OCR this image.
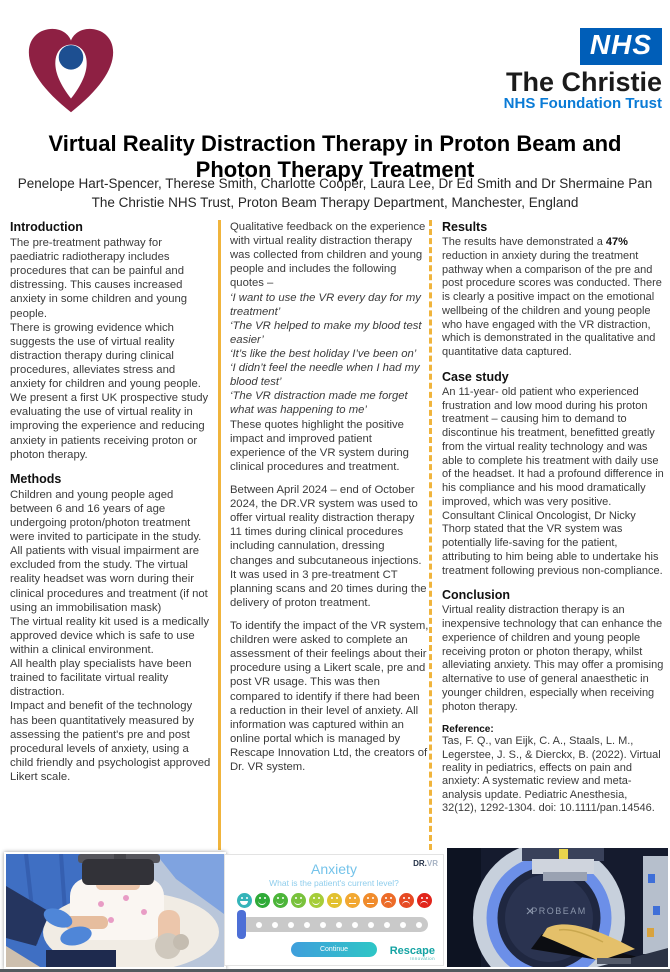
NHS
The Christie
NHS Foundation Trust
Virtual Reality Distraction Therapy in Proton Beam and Photon Therapy Treatment
Penelope Hart-Spencer, Therese Smith, Charlotte Cooper, Laura Lee, Dr Ed Smith and Dr Shermaine Pan
The Christie NHS Trust, Proton Beam Therapy Department, Manchester, England
Introduction

The pre-treatment pathway for paediatric radiotherapy includes procedures that can be painful and distressing. This causes increased anxiety in some children and young people.

There is growing evidence which suggests the use of virtual reality distraction therapy during clinical procedures, alleviates stress and anxiety for children and young people.

We present a first UK prospective study evaluating the use of virtual reality in improving the experience and reducing anxiety in patients receiving proton or photon therapy.

Methods

Children and young people aged between 6 and 16 years of age undergoing proton/photon treatment were invited to participate in the study. All patients with visual impairment are excluded from the study. The virtual reality headset was worn during their clinical procedures and treatment (if not using an immobilisation mask)

The virtual reality kit used is a medically approved device which is safe to use within a clinical environment.

All health play specialists have been trained to facilitate virtual reality distraction.

Impact and benefit of the technology has been quantitatively measured by assessing the patient's pre and post procedural levels of anxiety, using a child friendly and psychologist approved Likert scale.

Qualitative feedback on the experience with virtual reality distraction therapy was collected from children and young people and includes the following quotes –

‘I want to use the VR every day for my treatment’

‘The VR helped to make my blood test easier’

‘It’s like the best holiday I’ve been on’

‘I didn’t feel the needle when I had my blood test’

‘The VR distraction made me forget what was happening to me’

These quotes highlight the positive impact and improved patient experience of the VR system during clinical procedures and treatment.

Between April 2024 – end of October 2024, the DR.VR system was used to offer virtual reality distraction therapy 11 times during clinical procedures including cannulation, dressing changes and subcutaneous injections. It was used in 3 pre-treatment CT planning scans and 20 times during the delivery of proton treatment.

To identify the impact of the VR system, children were asked to complete an assessment of their feelings about their procedure using a Likert scale, pre and post VR usage. This was then compared to identify if there had been a reduction in their level of anxiety. All information was captured within an online portal which is managed by Rescape Innovation Ltd, the creators of Dr. VR system.

Results

The results have demonstrated a 47% reduction in anxiety during the treatment pathway when a comparison of the pre and post procedure scores was conducted. There is clearly a positive impact on the emotional wellbeing of the children and young people who have engaged with the VR distraction, which is demonstrated in the qualitative and quantitative data captured.

Case study

An 11-year- old patient who experienced frustration and low mood during his proton treatment – causing him to demand to discontinue his treatment, benefitted greatly from the virtual reality technology and was able to complete his treatment with daily use of the headset. It had a profound difference in his compliance and his mood dramatically improved, which was very positive.

Consultant Clinical Oncologist, Dr Nicky Thorp stated that the VR system was potentially life-saving for the patient, attributing to him being able to undertake his treatment following previous non-compliance.

Conclusion

Virtual reality distraction therapy is an inexpensive technology that can enhance the experience of children and young people receiving proton or photon therapy, whilst alleviating anxiety. This may offer a promising alternative to use of general anaesthetic in younger children, especially when receiving photon therapy.

Reference:

Tas, F. Q., van Eijk, C. A., Staals, L. M., Legerstee, J. S., & Dierckx, B. (2022). Virtual reality in pediatrics, effects on pain and anxiety: A systematic review and meta-analysis update. Pediatric Anesthesia, 32(12), 1292-1304. doi: 10.1111/pan.14546.

DR.VR
Anxiety
What is the patient's current level?
Continue	Rescape
Innovation
PROBEAM
